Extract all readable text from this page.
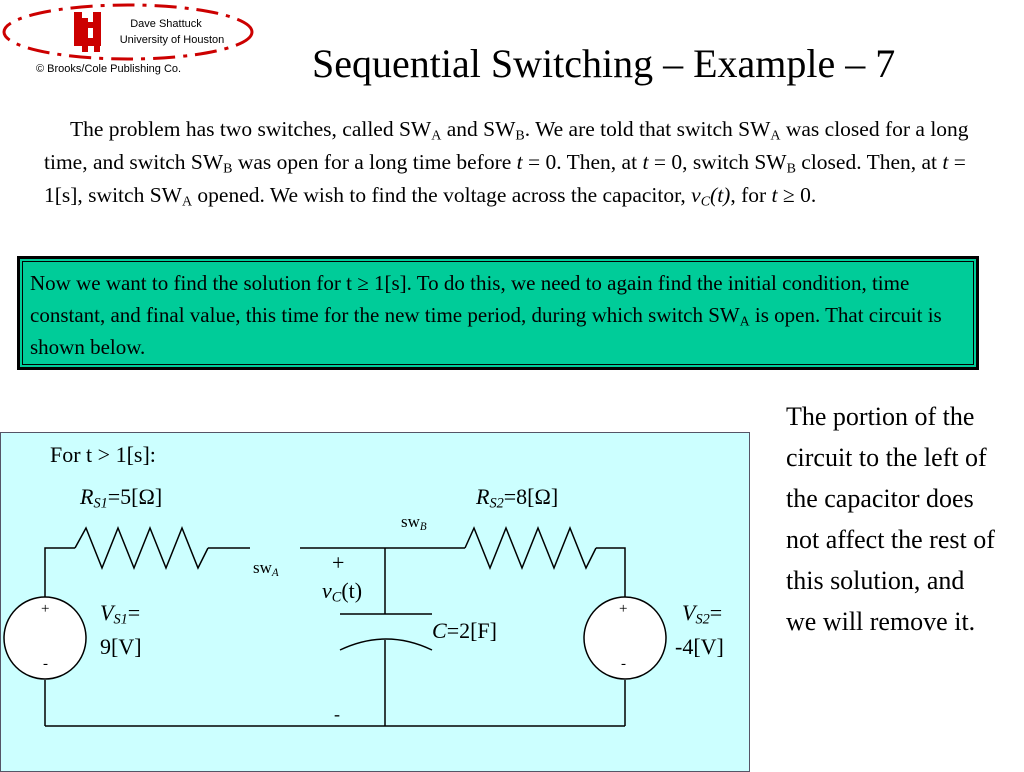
Dave Shattuck
University of Houston
© Brooks/Cole Publishing Co.	Sequential Switching – Example – 7
The problem has two switches, called $SW_A$ and $SW_B$. We are told that switch $SW_A$ was closed for a long time, and switch $SW_B$ was open for a long time before t = 0. Then, at t = 0, switch $SW_B$ closed. Then, at t = 1[s], switch $SW_A$ opened. We wish to find the voltage across the capacitor, $v_C(t)$, for t ≥ 0.
Now we want to find the solution for t ≥ 1[s]. To do this, we need to again find the initial condition, time constant, and final value, this time for the new time period, during which switch $SW_A$ is open. That circuit is shown below.
The portion of the circuit to the left of the capacitor does not affect the rest of this solution, and we will remove it.
For t > 1[s]:
$R_{S1}=5[\Omega]$	$R_{S2}=8[\Omega]$
$sw_B$
$sw_A$ +
$v_C(t)$
-
C=2[F]
+
-
+
-
$V_{S1}=$
9[V]
$V_{S2}=$
-4[V]
